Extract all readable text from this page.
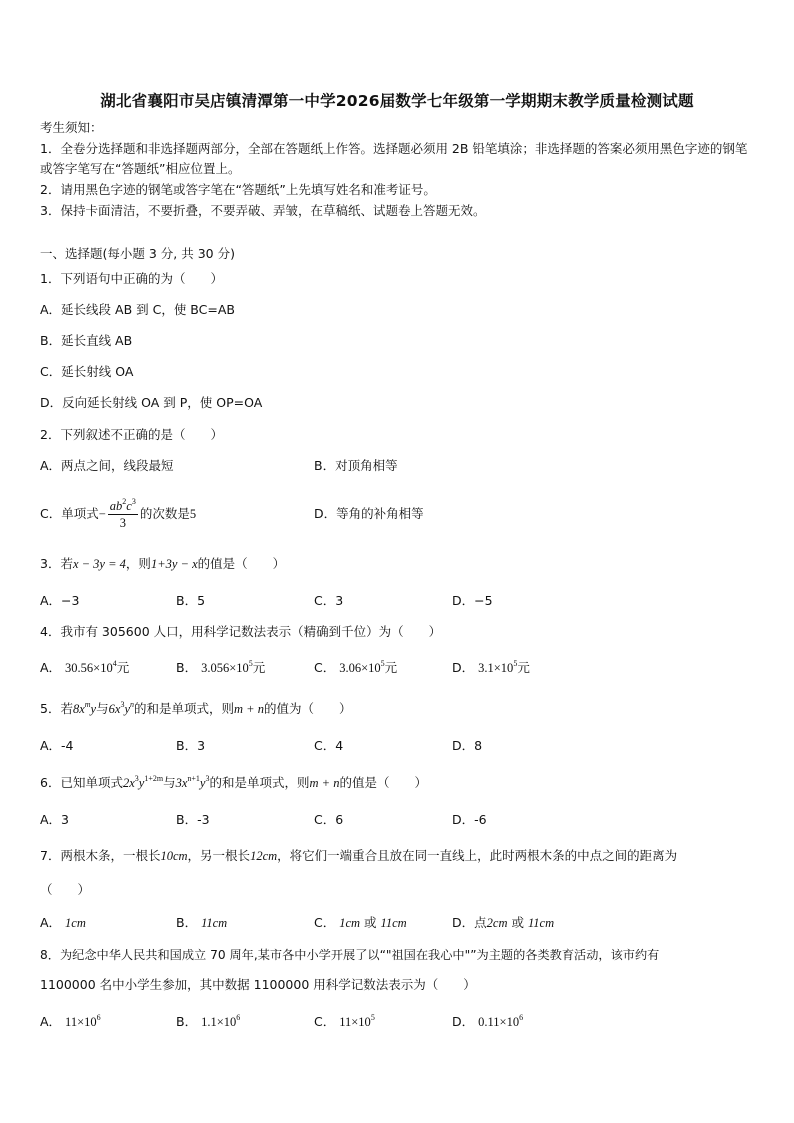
湖北省襄阳市吴店镇清潭第一中学2026届数学七年级第一学期期末教学质量检测试题
考生须知：
1．全卷分选择题和非选择题两部分，全部在答题纸上作答。选择题必须用 2B 铅笔填涂；非选择题的答案必须用黑色字迹的钢笔或答字笔写在“答题纸”相应位置上。
2．请用黑色字迹的钢笔或答字笔在“答题纸”上先填写姓名和准考证号。
3．保持卡面清洁，不要折叠，不要弄破、弄皱，在草稿纸、试题卷上答题无效。
一、选择题(每小题 3 分, 共 30 分)
1．下列语句中正确的为（　　）
A．延长线段 AB 到 C，使 BC=AB
B．延长直线 AB
C．延长射线 OA
D．反向延长射线 OA 到 P，使 OP=OA
2．下列叙述不正确的是（　　）
A．两点之间，线段最短	B．对顶角相等
C．单项式− $\frac{ab^2c^3}{3}$ 的次数是5	D．等角的补角相等
3．若x − 3y = 4，则1+3y − x的值是（　　）
A．−3	B．5	C．3	D．−5
4．我市有 305600 人口，用科学记数法表示（精确到千位）为（　　）
A． $30.56\times 10^4$元	B． $3.056\times 10^5$元	C． $3.06\times 10^5$元	D． $3.1\times 10^5$元
5．若$8x^my$与$6x^3y^n$的和是单项式，则m + n的值为（　　）
A．-4	B．3	C．4	D．8
6．已知单项式$2x^3y^{1+2m}$与$3x^{n+1}y^3$的和是单项式，则m + n的值是（　　）
A．3	B．-3	C．6	D．-6
7．两根木条，一根长10cm，另一根长12cm，将它们一端重合且放在同一直线上，此时两根木条的中点之间的距离为
（　　）
A． 1cm	B． 11cm	C． 1cm 或 11cm	D．点2cm 或 11cm
8．为纪念中华人民共和国成立 70 周年,某市各中小学开展了以“"祖国在我心中"”为主题的各类教育活动，该市约有
1100000 名中小学生参加，其中数据 1100000 用科学记数法表示为（　　）
A． $11\times 10^6$	B． $1.1\times 10^6$	C． $11\times 10^5$	D． $0.11\times 10^6$
